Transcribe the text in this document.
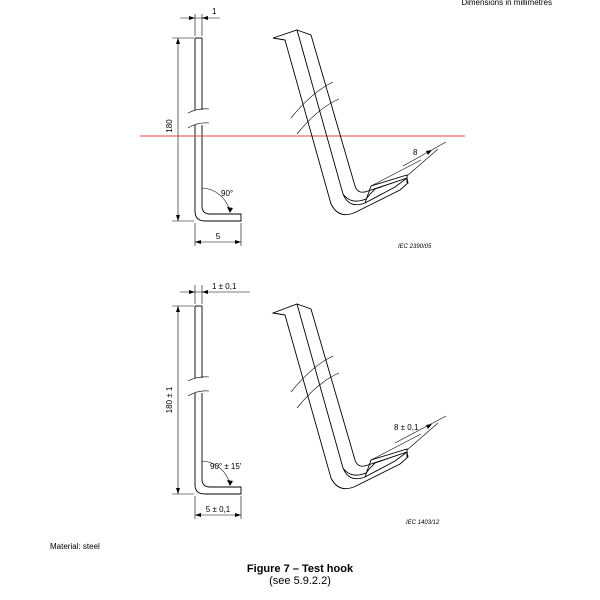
Dimensions in millimetres
1
180
90°
5
8
IEC 2390/05
1 ± 0,1
180 ± 1
90° ± 15'
5 ± 0,1
8 ± 0,1
IEC 1403/12
Material: steel
Figure 7 – Test hook
(see 5.9.2.2)
